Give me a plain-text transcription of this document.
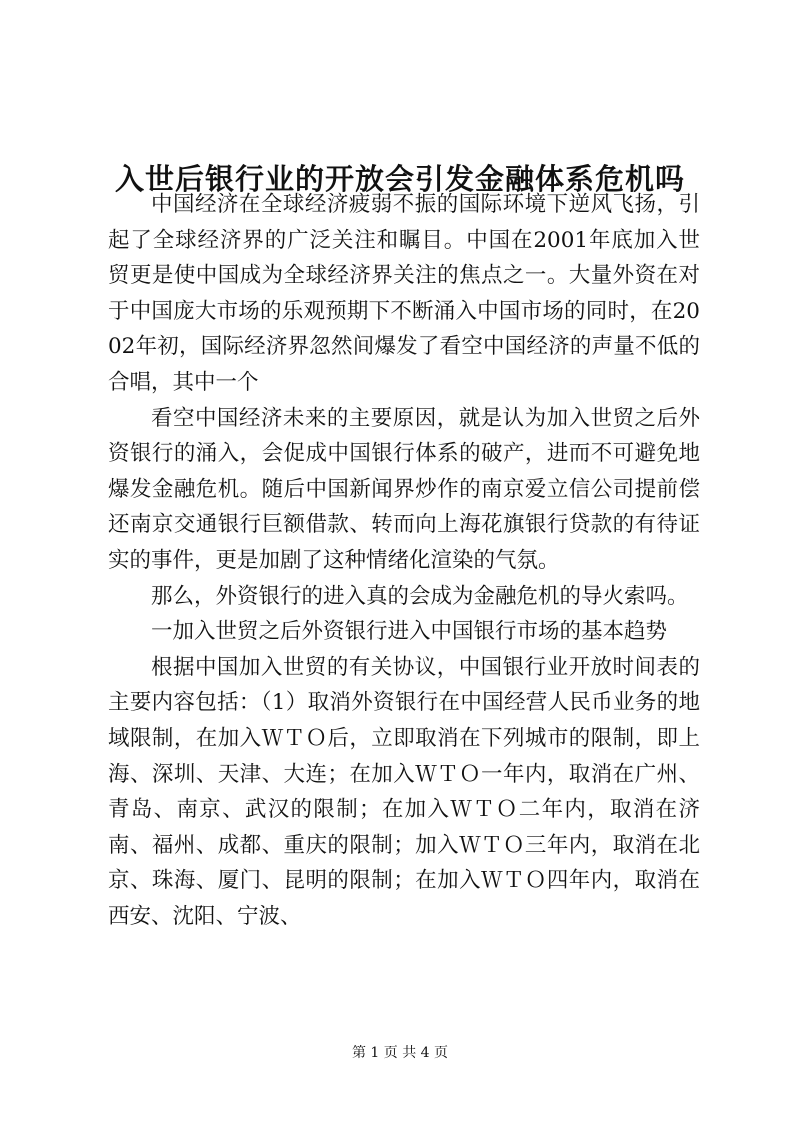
入世后银行业的开放会引发金融体系危机吗

中国经济在全球经济疲弱不振的国际环境下逆风飞扬，引起了全球经济界的广泛关注和瞩目。中国在2001年底加入世贸更是使中国成为全球经济界关注的焦点之一。大量外资在对于中国庞大市场的乐观预期下不断涌入中国市场的同时，在2002年初，国际经济界忽然间爆发了看空中国经济的声量不低的合唱，其中一个

看空中国经济未来的主要原因，就是认为加入世贸之后外资银行的涌入，会促成中国银行体系的破产，进而不可避免地爆发金融危机。随后中国新闻界炒作的南京爱立信公司提前偿还南京交通银行巨额借款、转而向上海花旗银行贷款的有待证实的事件，更是加剧了这种情绪化渲染的气氛。

那么，外资银行的进入真的会成为金融危机的导火索吗。

一加入世贸之后外资银行进入中国银行市场的基本趋势

根据中国加入世贸的有关协议，中国银行业开放时间表的主要内容包括：（1）取消外资银行在中国经营人民币业务的地域限制，在加入ＷＴＯ后，立即取消在下列城市的限制，即上海、深圳、天津、大连；在加入ＷＴＯ一年内，取消在广州、青岛、南京、武汉的限制；在加入ＷＴＯ二年内，取消在济南、福州、成都、重庆的限制；加入ＷＴＯ三年内，取消在北京、珠海、厦门、昆明的限制；在加入ＷＴＯ四年内，取消在西安、沈阳、宁波、

第 1 页 共 4 页
